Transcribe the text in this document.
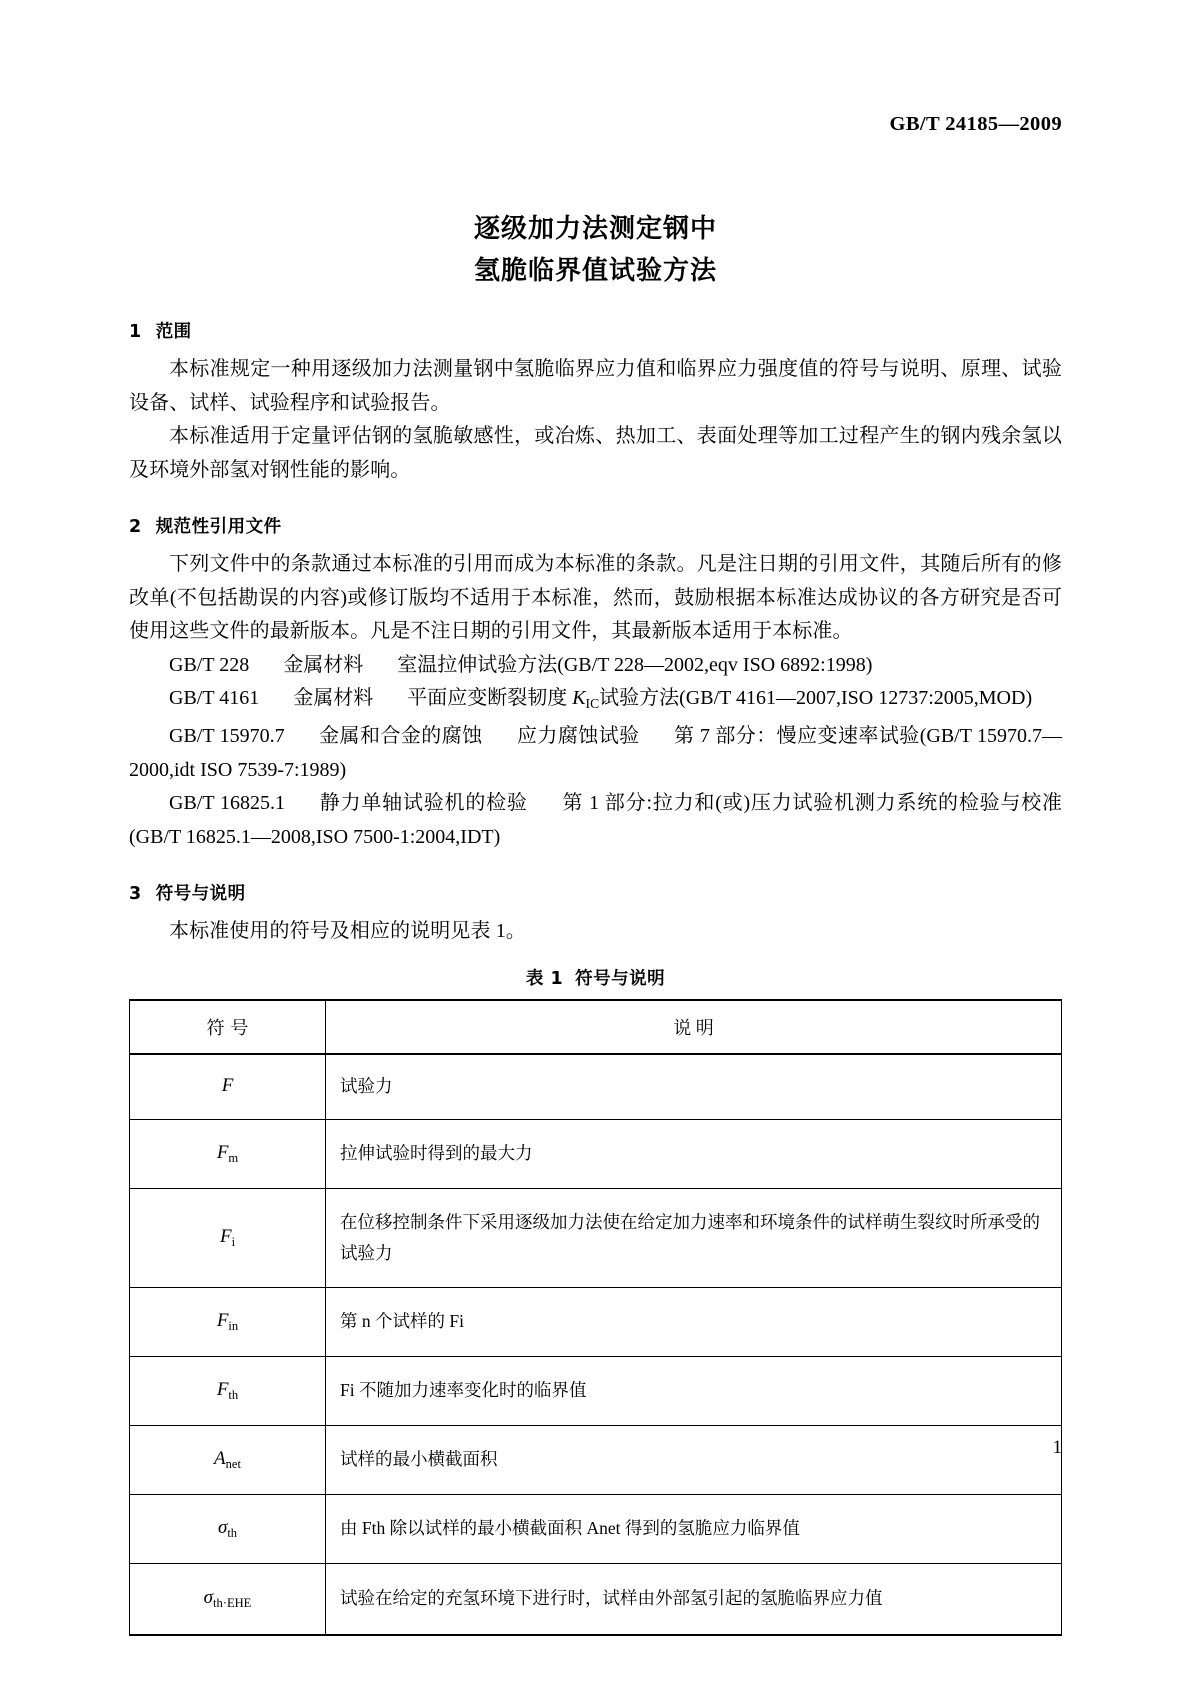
GB/T 24185—2009
逐级加力法测定钢中
氢脆临界值试验方法
1 范围

本标准规定一种用逐级加力法测量钢中氢脆临界应力值和临界应力强度值的符号与说明、原理、试验设备、试样、试验程序和试验报告。

本标准适用于定量评估钢的氢脆敏感性，或冶炼、热加工、表面处理等加工过程产生的钢内残余氢以及环境外部氢对钢性能的影响。

2 规范性引用文件

下列文件中的条款通过本标准的引用而成为本标准的条款。凡是注日期的引用文件，其随后所有的修改单(不包括勘误的内容)或修订版均不适用于本标准，然而，鼓励根据本标准达成协议的各方研究是否可使用这些文件的最新版本。凡是不注日期的引用文件，其最新版本适用于本标准。

GB/T 228 金属材料 室温拉伸试验方法(GB/T 228—2002,eqv ISO 6892:1998)

GB/T 4161 金属材料 平面应变断裂韧度 $K_{IC}$试验方法(GB/T 4161—2007,ISO 12737:2005,MOD)

GB/T 15970.7 金属和合金的腐蚀 应力腐蚀试验 第 7 部分：慢应变速率试验(GB/T 15970.7—2000,idt ISO 7539-7:1989)

GB/T 16825.1 静力单轴试验机的检验 第 1 部分:拉力和(或)压力试验机测力系统的检验与校准(GB/T 16825.1—2008,ISO 7500-1:2004,IDT)

3 符号与说明

本标准使用的符号及相应的说明见表 1。

表 1 符号与说明
符 号	说 明
F	试验力
Fm	拉伸试验时得到的最大力
Fi	在位移控制条件下采用逐级加力法使在给定加力速率和环境条件的试样萌生裂纹时所承受的试验力
Fin	第 n 个试样的 Fi
Fth	Fi 不随加力速率变化时的临界值
Anet	试样的最小横截面积
σth	由 Fth 除以试样的最小横截面积 Anet 得到的氢脆应力临界值
σth·EHE	试验在给定的充氢环境下进行时，试样由外部氢引起的氢脆临界应力值
1
